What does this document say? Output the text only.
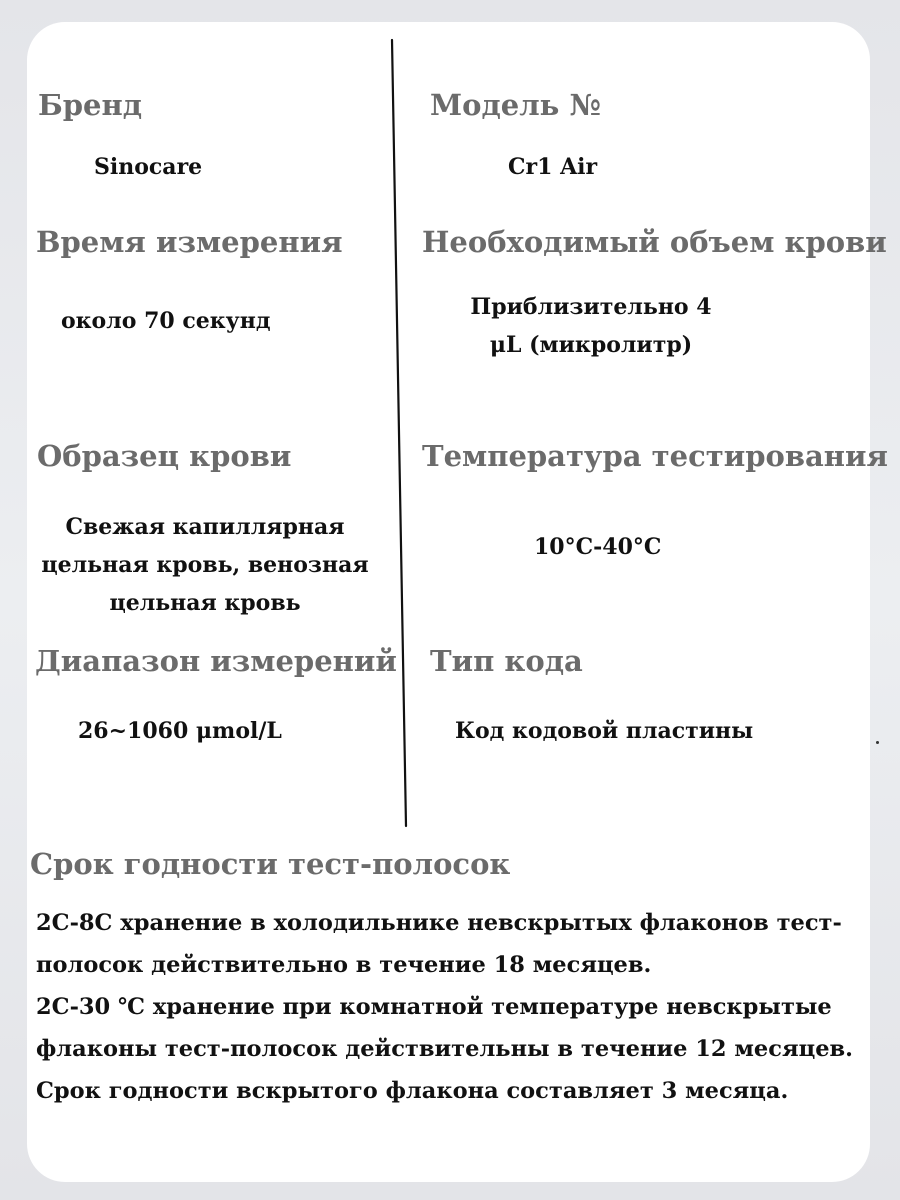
Бренд
Sinocare
Модель №
Cr1 Air
Время измерения
около 70 секунд
Необходимый объем крови
Приблизительно 4
μL (микролитр)
Образец крови
Свежая капиллярная
цельная кровь, венозная
цельная кровь
Температура тестирования
10°C-40°C
Диапазон измерений
26~1060 μmol/L
Тип кода
Код кодовой пластины
Срок годности тест-полосок
2C-8C хранение в холодильнике невскрытых флаконов тест-
полосок действительно в течение 18 месяцев.
2C-30 ℃ хранение при комнатной температуре невскрытые
флаконы тест-полосок действительны в течение 12 месяцев.
Срок годности вскрытого флакона составляет 3 месяца.
